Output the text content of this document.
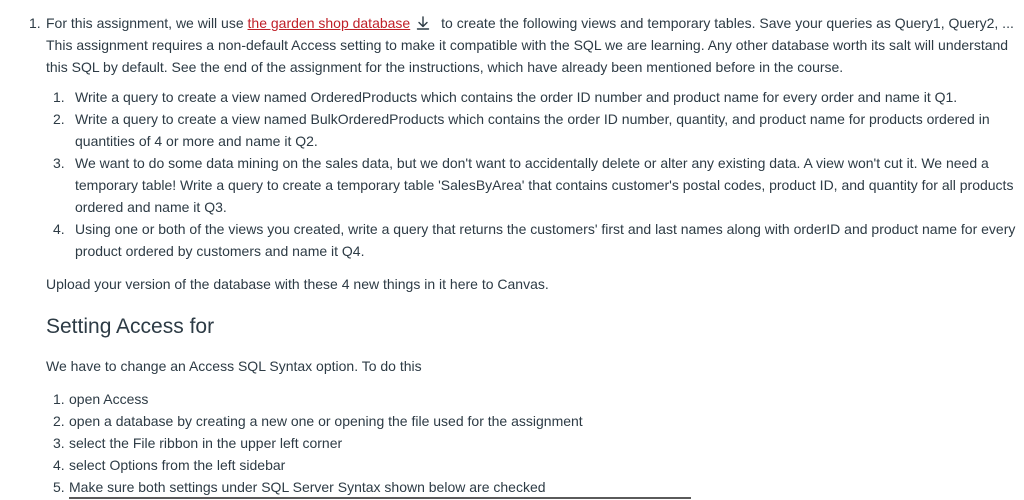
1. For this assignment, we will use the garden shop database to create the following views and temporary tables. Save your queries as Query1, Query2, ... This assignment requires a non-default Access setting to make it compatible with the SQL we are learning. Any other database worth its salt will understand this SQL by default. See the end of the assignment for the instructions, which have already been mentioned before in the course.

1. Write a query to create a view named OrderedProducts which contains the order ID number and product name for every order and name it Q1.
2. Write a query to create a view named BulkOrderedProducts which contains the order ID number, quantity, and product name for products ordered in quantities of 4 or more and name it Q2.
3. We want to do some data mining on the sales data, but we don't want to accidentally delete or alter any existing data. A view won't cut it. We need a temporary table! Write a query to create a temporary table 'SalesByArea' that contains customer's postal codes, product ID, and quantity for all products ordered and name it Q3.
4. Using one or both of the views you created, write a query that returns the customers' first and last names along with orderID and product name for every product ordered by customers and name it Q4.

Upload your version of the database with these 4 new things in it here to Canvas.

Setting Access for

We have to change an Access SQL Syntax option. To do this

1. open Access
2. open a database by creating a new one or opening the file used for the assignment
3. select the File ribbon in the upper left corner
4. select Options from the left sidebar
5. Make sure both settings under SQL Server Syntax shown below are checked
